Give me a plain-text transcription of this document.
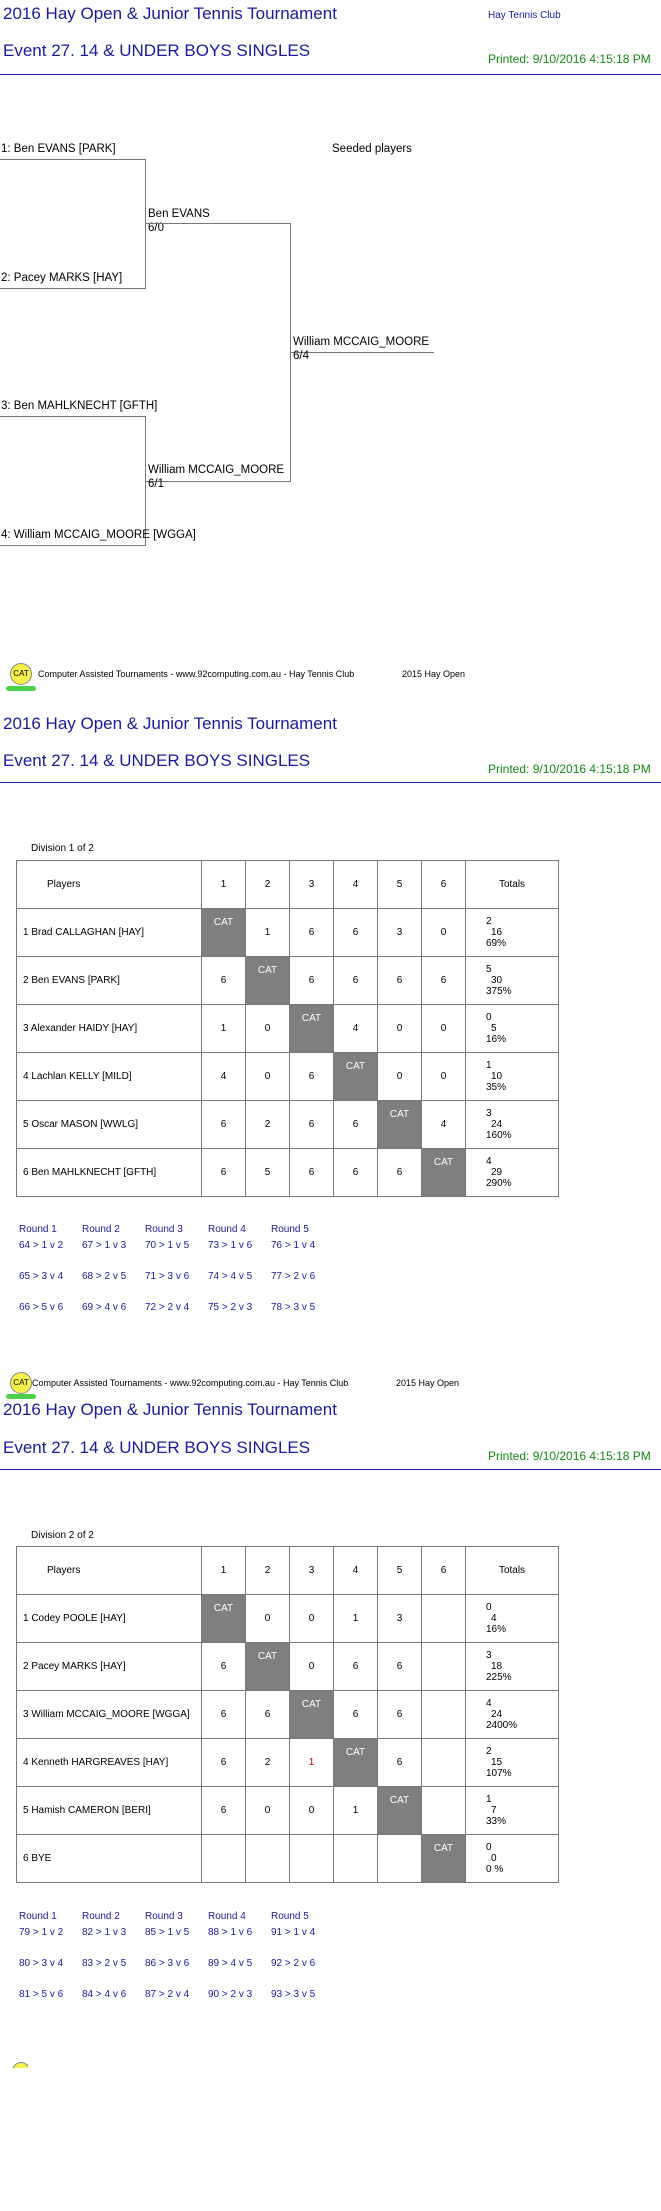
2016 Hay Open & Junior Tennis Tournament	Hay Tennis Club
Event 27. 14 & UNDER BOYS SINGLES	Printed: 9/10/2016 4:15:18 PM
Seeded players
1: Ben EVANS [PARK]
2: Pacey MARKS [HAY]
3: Ben MAHLKNECHT [GFTH]
4: William MCCAIG_MOORE [WGGA]
Ben EVANS
6/0
William MCCAIG_MOORE
6/1
William MCCAIG_MOORE
6/4
CAT	Computer Assisted Tournaments - www.92computing.com.au - Hay Tennis Club	2015 Hay Open
2016 Hay Open & Junior Tennis Tournament
Event 27. 14 & UNDER BOYS SINGLES	Printed: 9/10/2016 4:15:18 PM
Division 1 of 2
Players	1	2	3	4	5	6	Totals
1 Brad CALLAGHAN [HAY]	CAT	1	6	6	3	0	2
16
69%

2 Ben EVANS [PARK]	6	CAT	6	6	6	6	5
30
375%

3 Alexander HAIDY [HAY]	1	0	CAT	4	0	0	0
5
16%

4 Lachlan KELLY [MILD]	4	0	6	CAT	0	0	1
10
35%

5 Oscar MASON [WWLG]	6	2	6	6	CAT	4	3
24
160%

6 Ben MAHLKNECHT [GFTH]	6	5	6	6	6	CAT	4
29
290%
Round 1
64 > 1 v 2
65 > 3 v 4
66 > 5 v 6
Round 2
67 > 1 v 3
68 > 2 v 5
69 > 4 v 6
Round 3
70 > 1 v 5
71 > 3 v 6
72 > 2 v 4
Round 4
73 > 1 v 6
74 > 4 v 5
75 > 2 v 3
Round 5
76 > 1 v 4
77 > 2 v 6
78 > 3 v 5
CAT Computer Assisted Tournaments - www.92computing.com.au - Hay Tennis Club	2015 Hay Open
2016 Hay Open & Junior Tennis Tournament
Event 27. 14 & UNDER BOYS SINGLES	Printed: 9/10/2016 4:15:18 PM
Division 2 of 2
Players	1	2	3	4	5	6	Totals
1 Codey POOLE [HAY]	CAT	0	0	1	3		0
4
16%

2 Pacey MARKS [HAY]	6	CAT	0	6	6		3
18
225%

3 William MCCAIG_MOORE [WGGA]	6	6	CAT	6	6		4
24
2400%

4 Kenneth HARGREAVES [HAY]	6	2	1	CAT	6		2
15
107%

5 Hamish CAMERON [BERI]	6	0	0	1	CAT		1
7
33%

6 BYE						CAT	0
0
0 %
Round 1
79 > 1 v 2
80 > 3 v 4
81 > 5 v 6
Round 2
82 > 1 v 3
83 > 2 v 5
84 > 4 v 6
Round 3
85 > 1 v 5
86 > 3 v 6
87 > 2 v 4
Round 4
88 > 1 v 6
89 > 4 v 5
90 > 2 v 3
Round 5
91 > 1 v 4
92 > 2 v 6
93 > 3 v 5
